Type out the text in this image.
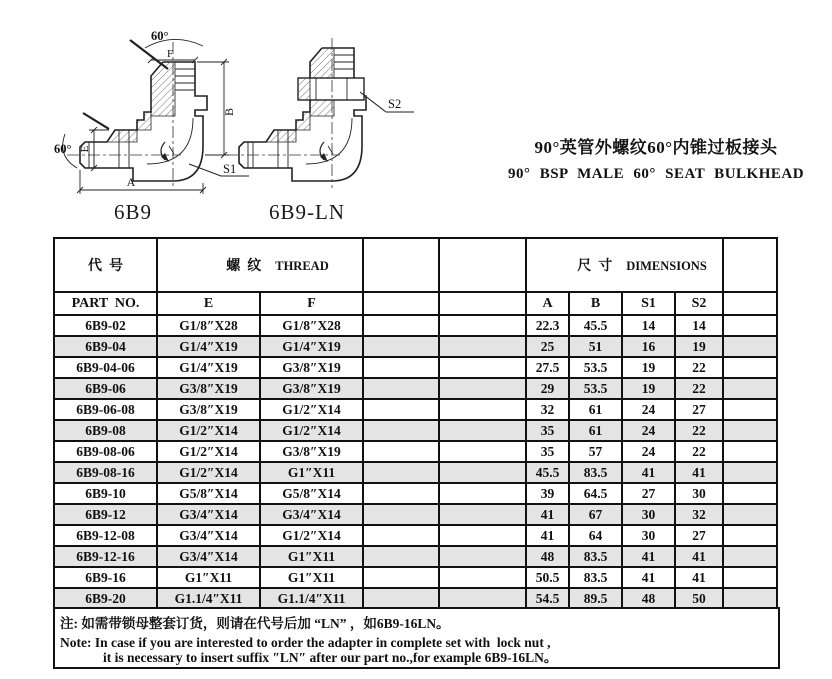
F
60°
B
E
60°
A
S1
S2
6B9	6B9-LN
90°英管外螺纹60°内锥过板接头
90° BSP MALE 60° SEAT BULKHEAD
代  号	螺  纹 THREAD				尺  寸 DIMENSIONS			

PART  NO.	E	F			A	B	S1	S2	
6B9-02	G1/8″X28	G1/8″X28			22.3	45.5	14	14	
6B9-04	G1/4″X19	G1/4″X19			25	51	16	19	
6B9-04-06	G1/4″X19	G3/8″X19			27.5	53.5	19	22	
6B9-06	G3/8″X19	G3/8″X19			29	53.5	19	22	
6B9-06-08	G3/8″X19	G1/2″X14			32	61	24	27	
6B9-08	G1/2″X14	G1/2″X14			35	61	24	22	
6B9-08-06	G1/2″X14	G3/8″X19			35	57	24	22	
6B9-08-16	G1/2″X14	G1″X11			45.5	83.5	41	41	
6B9-10	G5/8″X14	G5/8″X14			39	64.5	27	30	
6B9-12	G3/4″X14	G3/4″X14			41	67	30	32	
6B9-12-08	G3/4″X14	G1/2″X14			41	64	30	27	
6B9-12-16	G3/4″X14	G1″X11			48	83.5	41	41	
6B9-16	G1″X11	G1″X11			50.5	83.5	41	41	
6B9-20	G1.1/4″X11	G1.1/4″X11			54.5	89.5	48	50	
注: 如需带锁母整套订货，则请在代号后加 “LN” ，如6B9-16LN。
Note: In case if you are interested to order the adapter in complete set with  lock nut ,
it is necessary to insert suffix ″LN″ after our part no.,for example 6B9-16LN。
